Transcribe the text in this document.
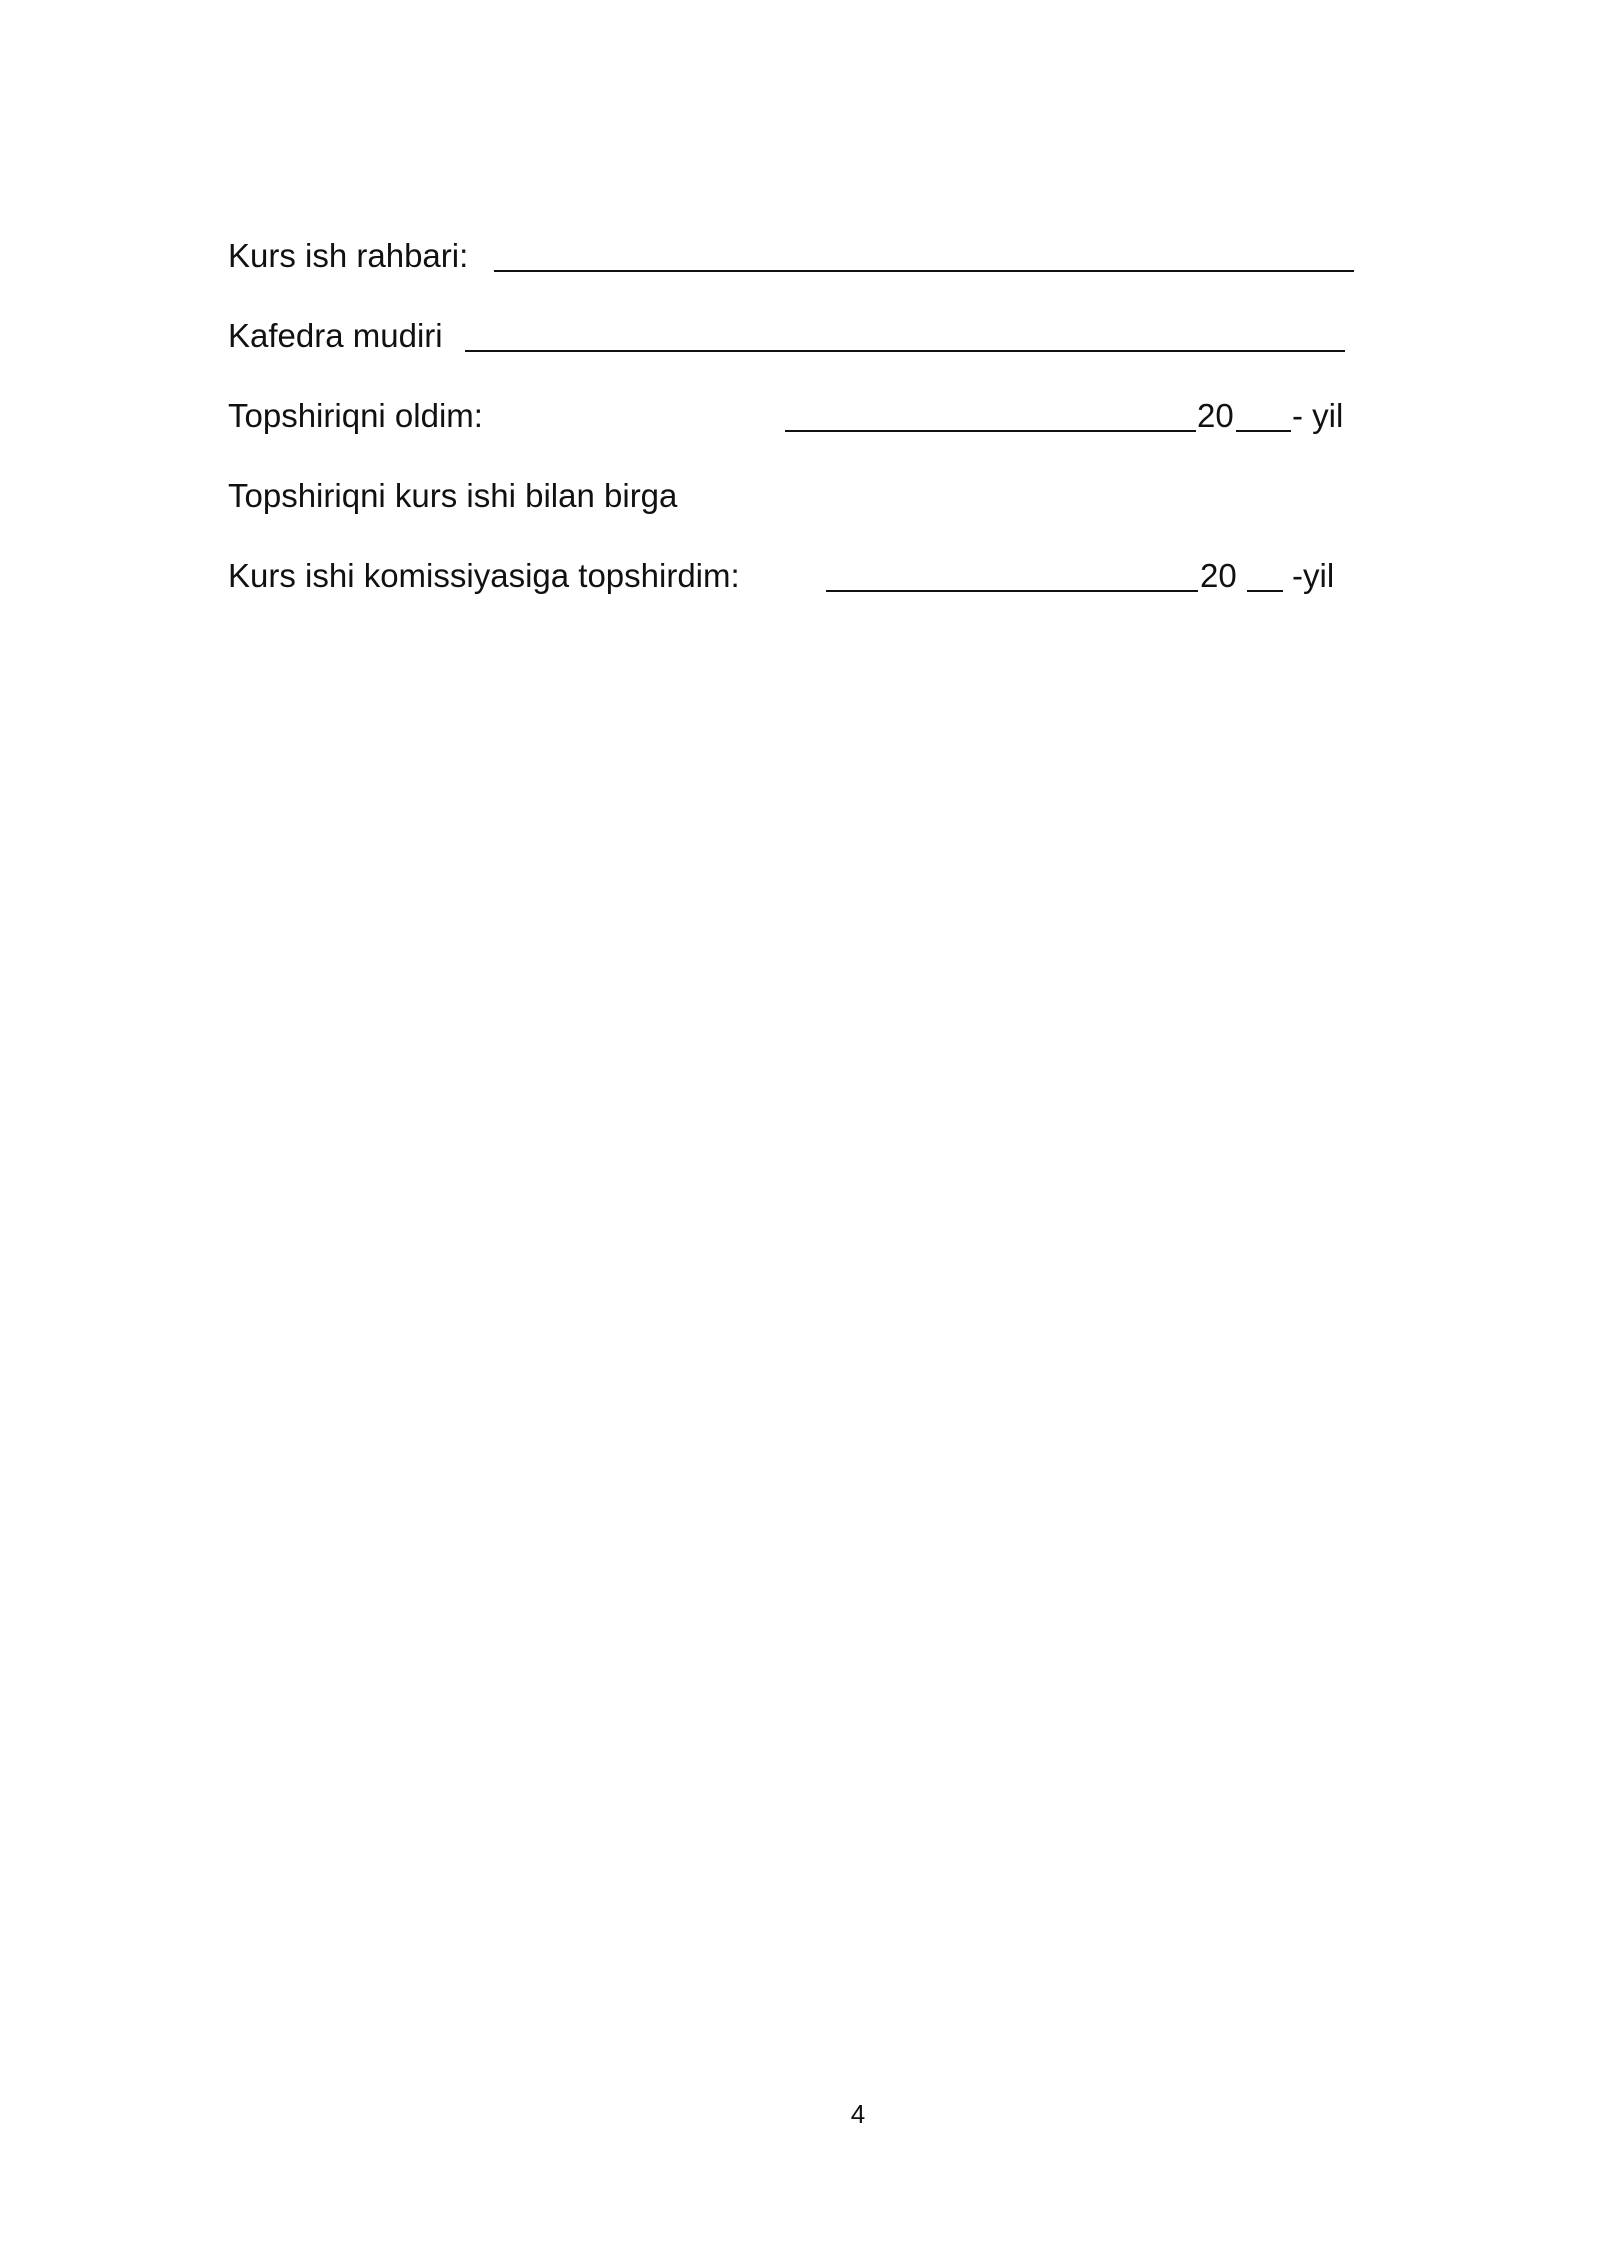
Kurs ish rahbari:
Kafedra mudiri
Topshiriqni oldim:	20 - yil
Topshiriqni kurs ishi bilan birga
Kurs ishi komissiyasiga topshirdim:	20 -yil
4
